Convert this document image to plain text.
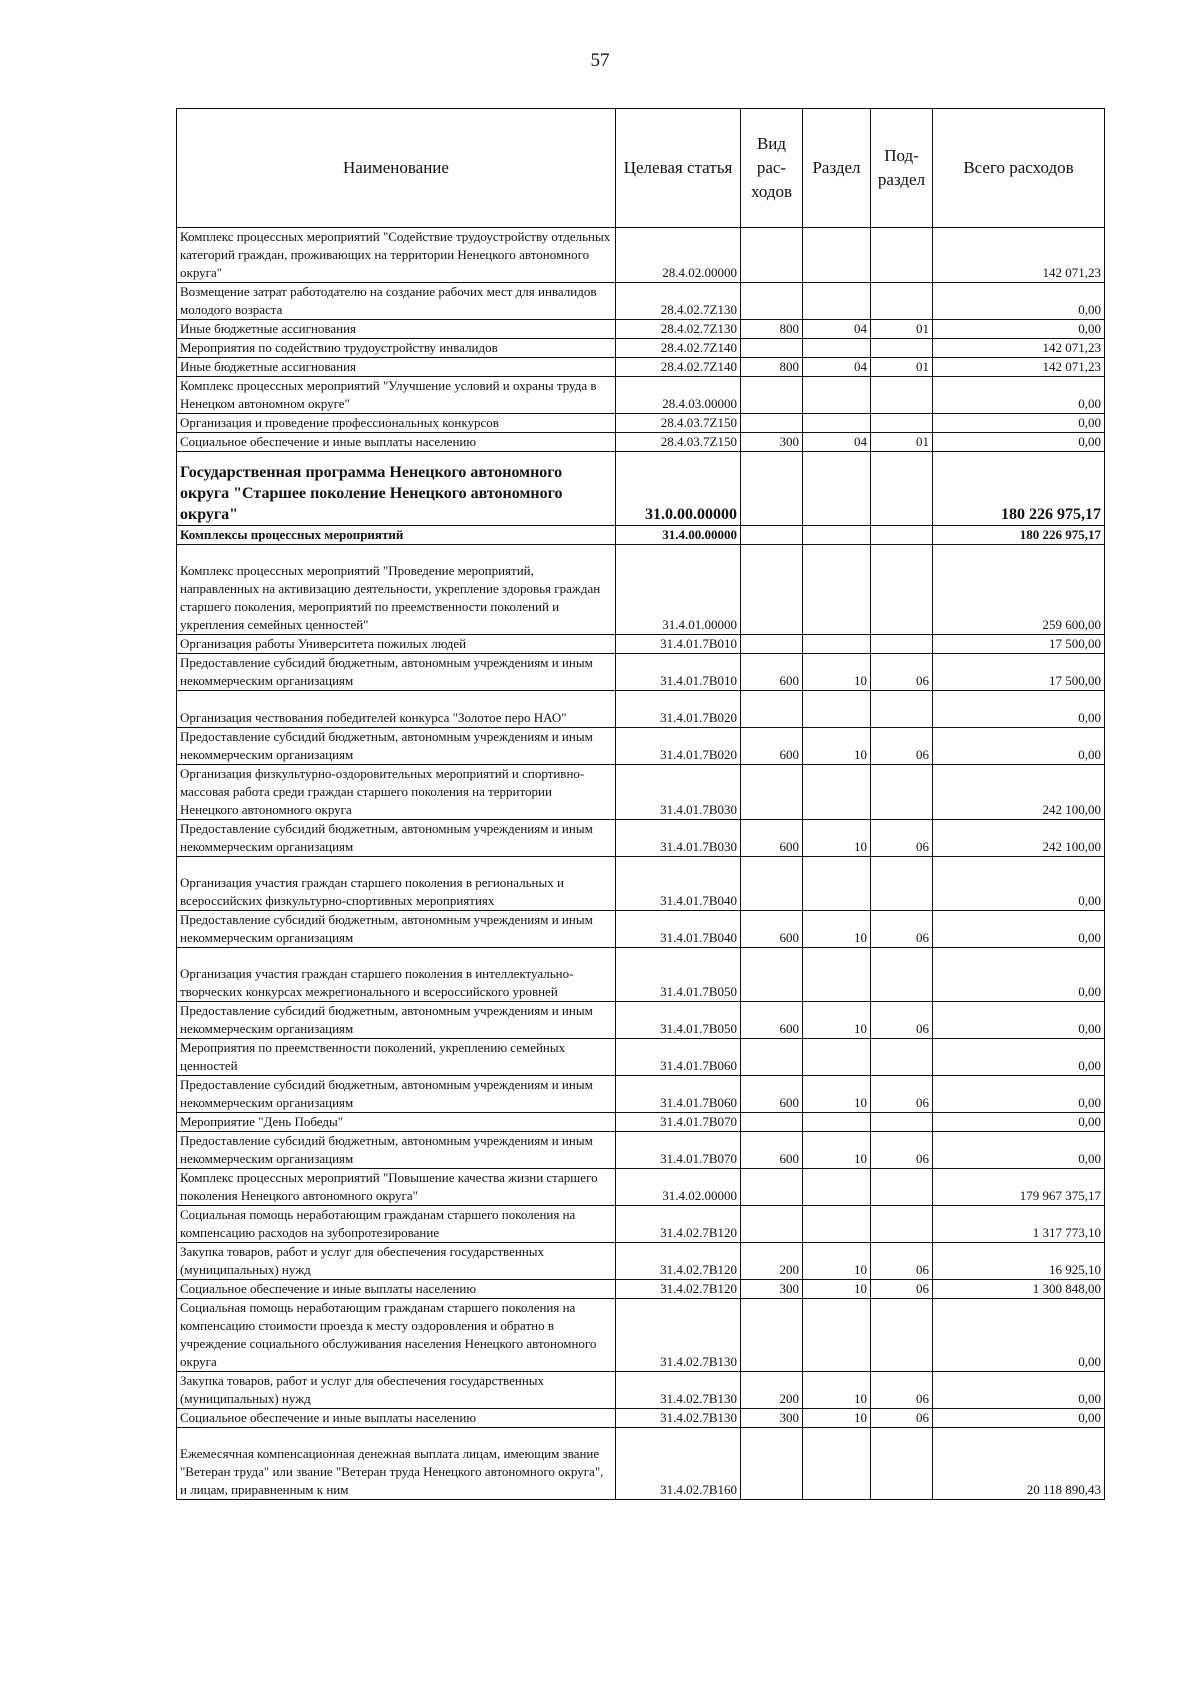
57
Наименование	Целевая статья	Вид рас- ходов	Раздел	Под- раздел	Всего расходов
Комплекс процессных мероприятий "Содействие трудоустройству отдельных категорий граждан, проживающих на территории Ненецкого автономного округа"	28.4.02.00000				142 071,23
Возмещение затрат работодателю на создание рабочих мест для инвалидов молодого возраста	28.4.02.7Z130				0,00
Иные бюджетные ассигнования	28.4.02.7Z130	800	04	01	0,00
Мероприятия по содействию трудоустройству инвалидов	28.4.02.7Z140				142 071,23
Иные бюджетные ассигнования	28.4.02.7Z140	800	04	01	142 071,23
Комплекс процессных мероприятий "Улучшение условий и охраны труда в Ненецком автономном округе"	28.4.03.00000				0,00
Организация и проведение профессиональных конкурсов	28.4.03.7Z150				0,00
Социальное обеспечение и иные выплаты населению	28.4.03.7Z150	300	04	01	0,00
Государственная программа Ненецкого автономного округа "Старшее поколение Ненецкого автономного округа"	31.0.00.00000				180 226 975,17
Комплексы процессных мероприятий	31.4.00.00000				180 226 975,17
Комплекс процессных мероприятий "Проведение мероприятий, направленных на активизацию деятельности, укрепление здоровья граждан старшего поколения, мероприятий по преемственности поколений и укрепления семейных ценностей"	31.4.01.00000				259 600,00
Организация работы Университета пожилых людей	31.4.01.7В010				17 500,00
Предоставление субсидий бюджетным, автономным учреждениям и иным некоммерческим организациям	31.4.01.7В010	600	10	06	17 500,00
Организация чествования победителей конкурса "Золотое перо НАО"	31.4.01.7В020				0,00
Предоставление субсидий бюджетным, автономным учреждениям и иным некоммерческим организациям	31.4.01.7В020	600	10	06	0,00
Организация физкультурно-оздоровительных мероприятий и спортивно-массовая работа среди граждан старшего поколения на территории Ненецкого автономного округа	31.4.01.7В030				242 100,00
Предоставление субсидий бюджетным, автономным учреждениям и иным некоммерческим организациям	31.4.01.7В030	600	10	06	242 100,00
Организация участия граждан старшего поколения в региональных и всероссийских физкультурно-спортивных мероприятиях	31.4.01.7В040				0,00
Предоставление субсидий бюджетным, автономным учреждениям и иным некоммерческим организациям	31.4.01.7В040	600	10	06	0,00
Организация участия граждан старшего поколения в интеллектуально-творческих конкурсах межрегионального и всероссийского уровней	31.4.01.7В050				0,00
Предоставление субсидий бюджетным, автономным учреждениям и иным некоммерческим организациям	31.4.01.7В050	600	10	06	0,00
Мероприятия по преемственности поколений, укреплению семейных ценностей	31.4.01.7В060				0,00
Предоставление субсидий бюджетным, автономным учреждениям и иным некоммерческим организациям	31.4.01.7В060	600	10	06	0,00
Мероприятие "День Победы"	31.4.01.7В070				0,00
Предоставление субсидий бюджетным, автономным учреждениям и иным некоммерческим организациям	31.4.01.7В070	600	10	06	0,00
Комплекс процессных мероприятий "Повышение качества жизни старшего поколения Ненецкого автономного округа"	31.4.02.00000				179 967 375,17
Социальная помощь неработающим гражданам старшего поколения на компенсацию расходов на зубопротезирование	31.4.02.7В120				1 317 773,10
Закупка товаров, работ и услуг для обеспечения государственных (муниципальных) нужд	31.4.02.7В120	200	10	06	16 925,10
Социальное обеспечение и иные выплаты населению	31.4.02.7В120	300	10	06	1 300 848,00
Социальная помощь неработающим гражданам старшего поколения на компенсацию стоимости проезда к месту оздоровления и обратно в учреждение социального обслуживания населения Ненецкого автономного округа	31.4.02.7В130				0,00
Закупка товаров, работ и услуг для обеспечения государственных (муниципальных) нужд	31.4.02.7В130	200	10	06	0,00
Социальное обеспечение и иные выплаты населению	31.4.02.7В130	300	10	06	0,00
Ежемесячная компенсационная денежная выплата лицам, имеющим звание "Ветеран труда" или звание "Ветеран труда Ненецкого автономного округа", и лицам, приравненным к ним	31.4.02.7В160				20 118 890,43
